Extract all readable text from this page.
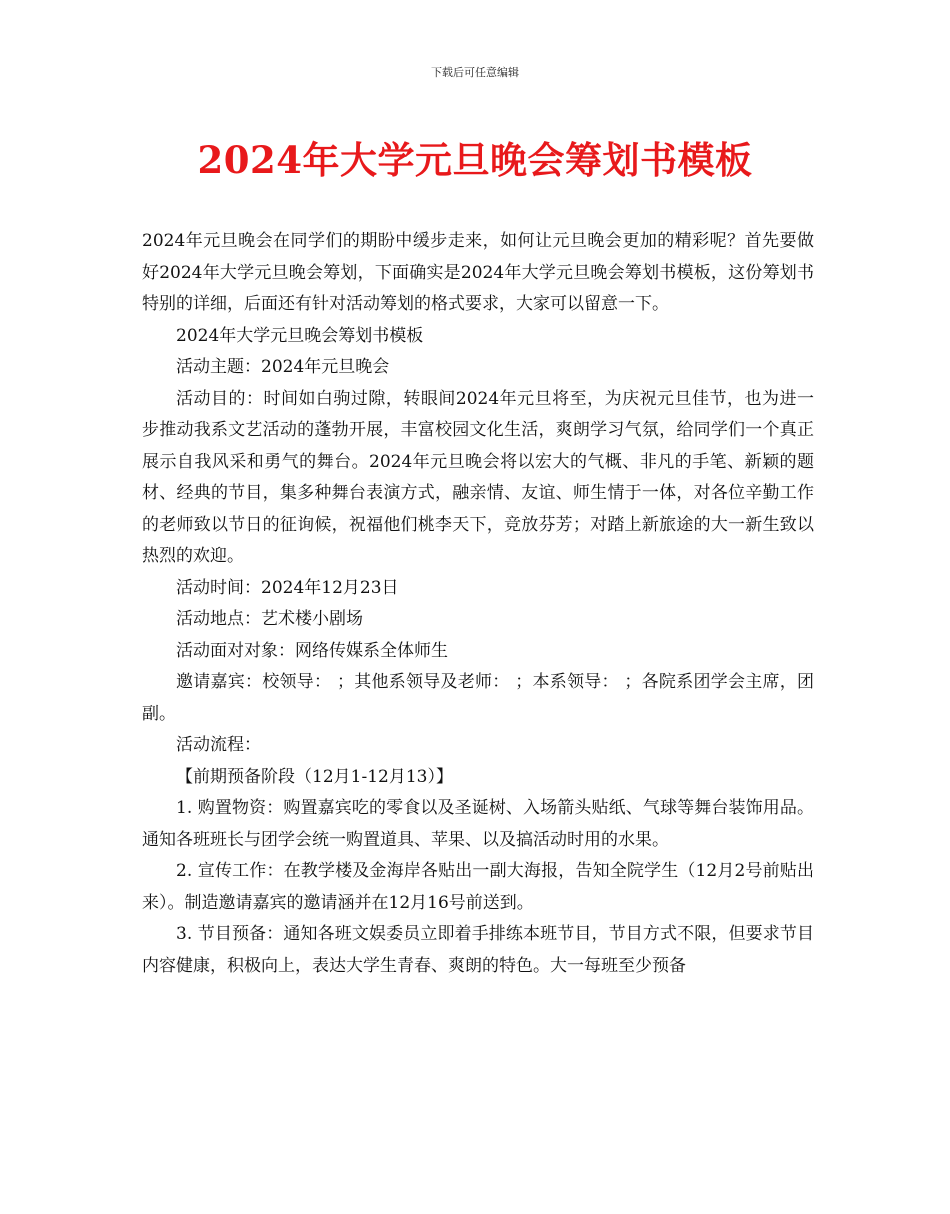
下载后可任意编辑
2024年大学元旦晚会筹划书模板

2024年元旦晚会在同学们的期盼中缓步走来，如何让元旦晚会更加的精彩呢？首先要做好2024年大学元旦晚会筹划，下面确实是2024年大学元旦晚会筹划书模板，这份筹划书特别的详细，后面还有针对活动筹划的格式要求，大家可以留意一下。

2024年大学元旦晚会筹划书模板

活动主题：2024年元旦晚会

活动目的：时间如白驹过隙，转眼间2024年元旦将至，为庆祝元旦佳节，也为进一步推动我系文艺活动的蓬勃开展，丰富校园文化生活，爽朗学习气氛，给同学们一个真正展示自我风采和勇气的舞台。2024年元旦晚会将以宏大的气概、非凡的手笔、新颖的题材、经典的节目，集多种舞台表演方式，融亲情、友谊、师生情于一体，对各位辛勤工作的老师致以节日的征询候，祝福他们桃李天下，竞放芬芳；对踏上新旅途的大一新生致以热烈的欢迎。

活动时间：2024年12月23日

活动地点：艺术楼小剧场

活动面对对象：网络传媒系全体师生

邀请嘉宾：校领导： ；其他系领导及老师： ；本系领导： ；各院系团学会主席，团副。

活动流程：

【前期预备阶段（12月1-12月13）】

1. 购置物资：购置嘉宾吃的零食以及圣诞树、入场箭头贴纸、气球等舞台装饰用品。通知各班班长与团学会统一购置道具、苹果、以及搞活动时用的水果。

2. 宣传工作：在教学楼及金海岸各贴出一副大海报，告知全院学生（12月2号前贴出来）。制造邀请嘉宾的邀请涵并在12月16号前送到。

3. 节目预备：通知各班文娱委员立即着手排练本班节目，节目方式不限，但要求节目内容健康，积极向上，表达大学生青春、爽朗的特色。大一每班至少预备
